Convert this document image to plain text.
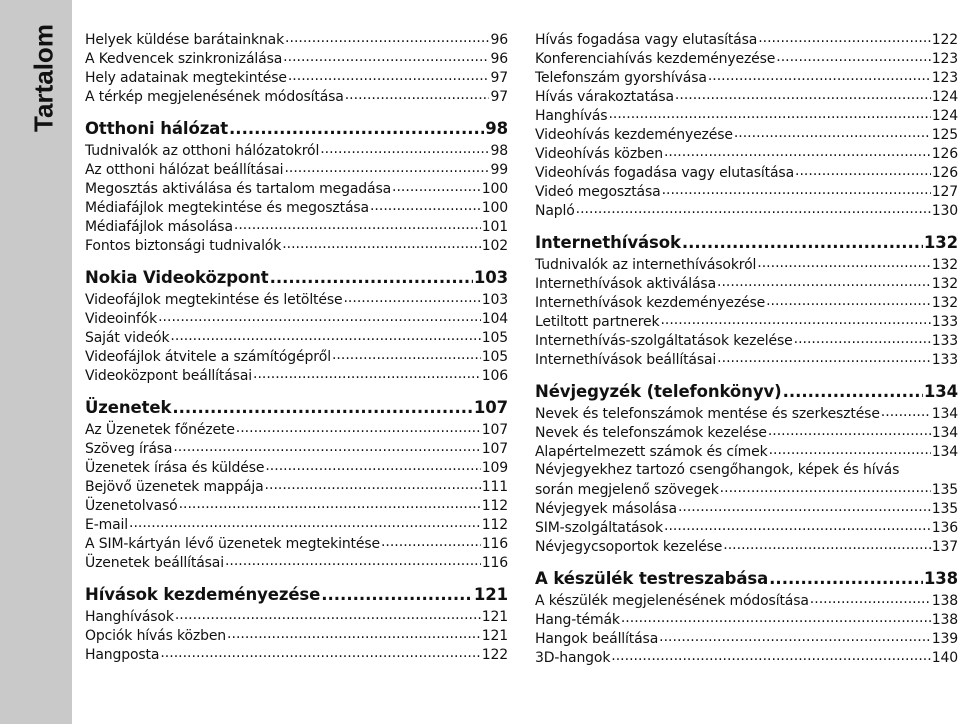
Tartalom Helyek küldése barátainknak .....	96
A Kedvencek szinkronizálása .....	96
Hely adatainak megtekintése .....	97
A térkép megjelenésének módosítása .....	97
Otthoni hálózat .....	98
Tudnivalók az otthoni hálózatokról .....	98
Az otthoni hálózat beállításai .....	99
Megosztás aktiválása és tartalom megadása .....	100
Médiafájlok megtekintése és megosztása .....	100
Médiafájlok másolása .....	101
Fontos biztonsági tudnivalók .....	102
Nokia Videoközpont .....	103
Videofájlok megtekintése és letöltése .....	103
Videoinfók .....	104
Saját videók .....	105
Videofájlok átvitele a számítógépről .....	105
Videoközpont beállításai .....	106
Üzenetek .....	107
Az Üzenetek főnézete .....	107
Szöveg írása .....	107
Üzenetek írása és küldése .....	109
Bejövő üzenetek mappája .....	111
Üzenetolvasó .....	112
E-mail .....	112
A SIM-kártyán lévő üzenetek megtekintése .....	116
Üzenetek beállításai .....	116
Hívások kezdeményezése .....	121
Hanghívások .....	121
Opciók hívás közben .....	121
Hangposta .....	122
Hívás fogadása vagy elutasítása .....	122
Konferenciahívás kezdeményezése .....	123
Telefonszám gyorshívása .....	123
Hívás várakoztatása .....	124
Hanghívás .....	124
Videohívás kezdeményezése .....	125
Videohívás közben .....	126
Videohívás fogadása vagy elutasítása .....	126
Videó megosztása .....	127
Napló .....	130
Internethívások .....	132
Tudnivalók az internethívásokról .....	132
Internethívások aktiválása .....	132
Internethívások kezdeményezése .....	132
Letiltott partnerek .....	133
Internethívás-szolgáltatások kezelése .....	133
Internethívások beállításai .....	133
Névjegyzék (telefonkönyv) .....	134
Nevek és telefonszámok mentése és szerkesztése .....	134
Nevek és telefonszámok kezelése .....	134
Alapértelmezett számok és címek .....	134
Névjegyekhez tartozó csengőhangok, képek és hívás
során megjelenő szövegek .....	135
Névjegyek másolása .....	135
SIM-szolgáltatások .....	136
Névjegycsoportok kezelése .....	137
A készülék testreszabása .....	138
A készülék megjelenésének módosítása .....	138
Hang-témák .....	138
Hangok beállítása .....	139
3D-hangok .....	140
